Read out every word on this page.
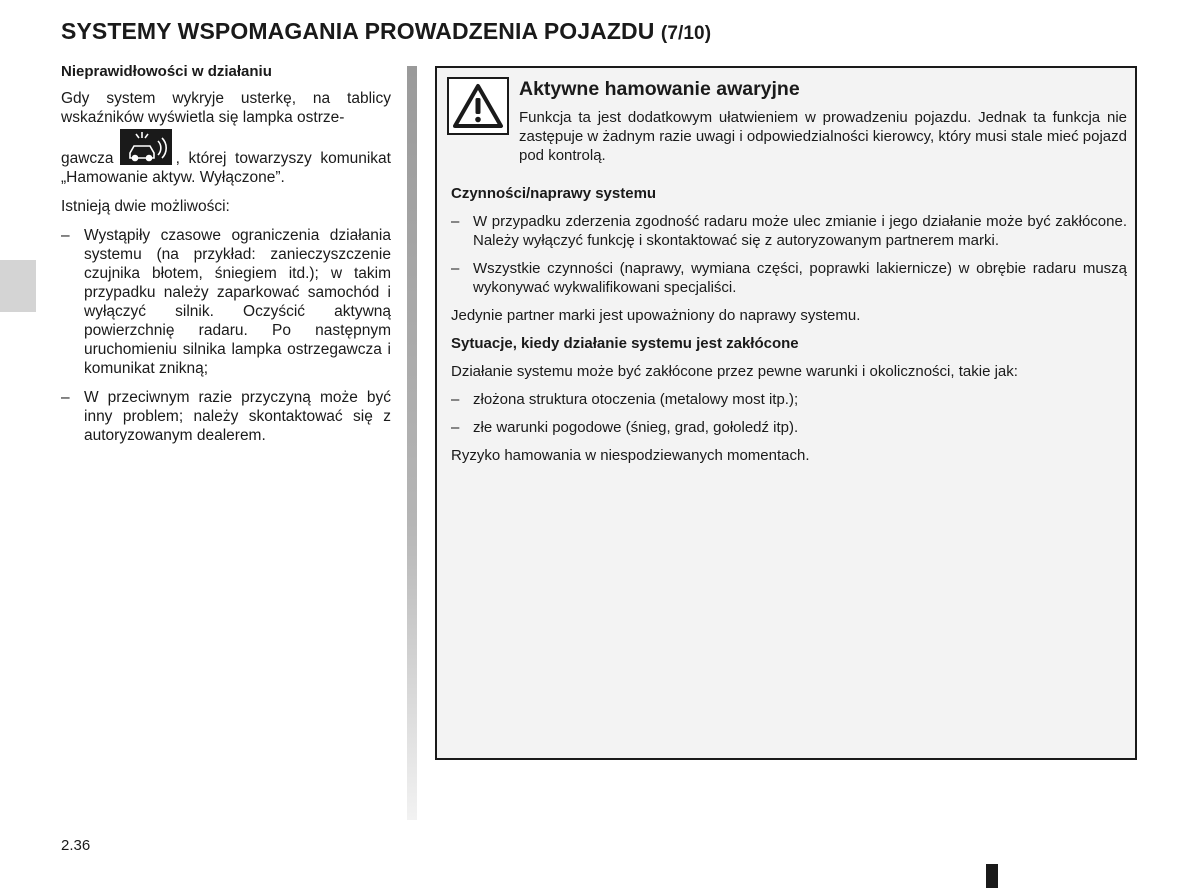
SYSTEMY WSPOMAGANIA PROWADZENIA POJAZDU (7/10)

Nieprawidłowości w działaniu

Gdy system wykryje usterkę, na tablicy wskaźników wyświetla się lampka ostrze-
gawcza	, której towarzyszy komunikat „Hamowanie aktyw. Wyłączone”.

Istnieją dwie możliwości:

– Wystąpiły czasowe ograniczenia działania systemu (na przykład: zanieczyszczenie czujnika błotem, śniegiem itd.); w takim przypadku należy zaparkować samochód i wyłączyć silnik. Oczyścić aktywną powierzchnię radaru. Po następnym uruchomieniu silnika lampka ostrzegawcza i komunikat znikną;
– W przeciwnym razie przyczyną może być inny problem; należy skontaktować się z autoryzowanym dealerem.
Aktywne hamowanie awaryjne

Funkcja ta jest dodatkowym ułatwieniem w prowadzeniu pojazdu. Jednak ta funkcja nie zastępuje w żadnym razie uwagi i odpowiedzialności kierowcy, który musi stale mieć pojazd pod kontrolą.

Czynności/naprawy systemu

– W przypadku zderzenia zgodność radaru może ulec zmianie i jego działanie może być zakłócone. Należy wyłączyć funkcję i skontaktować się z autoryzowanym partnerem marki.
– Wszystkie czynności (naprawy, wymiana części, poprawki lakiernicze) w obrębie radaru muszą wykonywać wykwalifikowani specjaliści.

Jedynie partner marki jest upoważniony do naprawy systemu.

Sytuacje, kiedy działanie systemu jest zakłócone

Działanie systemu może być zakłócone przez pewne warunki i okoliczności, takie jak:

– złożona struktura otoczenia (metalowy most itp.);
– złe warunki pogodowe (śnieg, grad, gołoledź itp).

Ryzyko hamowania w niespodziewanych momentach.

2.36
